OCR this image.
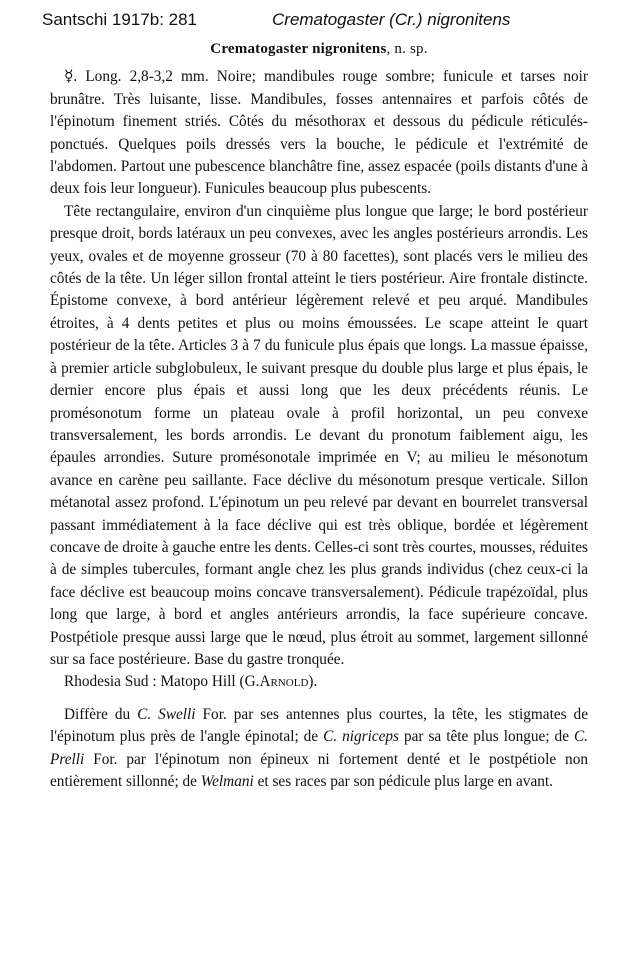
Santschi 1917b: 281	Crematogaster (Cr.) nigronitens

Crematogaster nigronitens, n. sp.

☿. Long. 2,8-3,2 mm. Noire; mandibules rouge sombre; funicule et tarses noir brunâtre. Très luisante, lisse. Mandibules, fosses antennaires et parfois côtés de l'épinotum finement striés. Côtés du mésothorax et dessous du pédicule réticulés-ponctués. Quelques poils dressés vers la bouche, le pédicule et l'extrémité de l'abdomen. Partout une pubescence blanchâtre fine, assez espacée (poils distants d'une à deux fois leur longueur). Funicules beaucoup plus pubescents.

Tête rectangulaire, environ d'un cinquième plus longue que large; le bord postérieur presque droit, bords latéraux un peu convexes, avec les angles postérieurs arrondis. Les yeux, ovales et de moyenne grosseur (70 à 80 facettes), sont placés vers le milieu des côtés de la tête. Un léger sillon frontal atteint le tiers postérieur. Aire frontale distincte. Épistome convexe, à bord antérieur légèrement relevé et peu arqué. Mandibules étroites, à 4 dents petites et plus ou moins émoussées. Le scape atteint le quart postérieur de la tête. Articles 3 à 7 du funicule plus épais que longs. La massue épaisse, à premier article subglobuleux, le suivant presque du double plus large et plus épais, le dernier encore plus épais et aussi long que les deux précédents réunis. Le promésonotum forme un plateau ovale à profil horizontal, un peu convexe transversalement, les bords arrondis. Le devant du pronotum faiblement aigu, les épaules arrondies. Suture promésonotale imprimée en V; au milieu le mésonotum avance en carène peu saillante. Face déclive du mésonotum presque verticale. Sillon métanotal assez profond. L'épinotum un peu relevé par devant en bourrelet transversal passant immédiatement à la face déclive qui est très oblique, bordée et légèrement concave de droite à gauche entre les dents. Celles-ci sont très courtes, mousses, réduites à de simples tubercules, formant angle chez les plus grands individus (chez ceux-ci la face déclive est beaucoup moins concave transversalement). Pédicule trapézoïdal, plus long que large, à bord et angles antérieurs arrondis, la face supérieure concave. Postpétiole presque aussi large que le nœud, plus étroit au sommet, largement sillonné sur sa face postérieure. Base du gastre tronquée.

Rhodesia Sud : Matopo Hill (G.Arnold).

Diffère du C. Swelli For. par ses antennes plus courtes, la tête, les stigmates de l'épinotum plus près de l'angle épinotal; de C. nigriceps par sa tête plus longue; de C. Prelli For. par l'épinotum non épineux ni fortement denté et le postpétiole non entièrement sillonné; de Welmani et ses races par son pédicule plus large en avant.
